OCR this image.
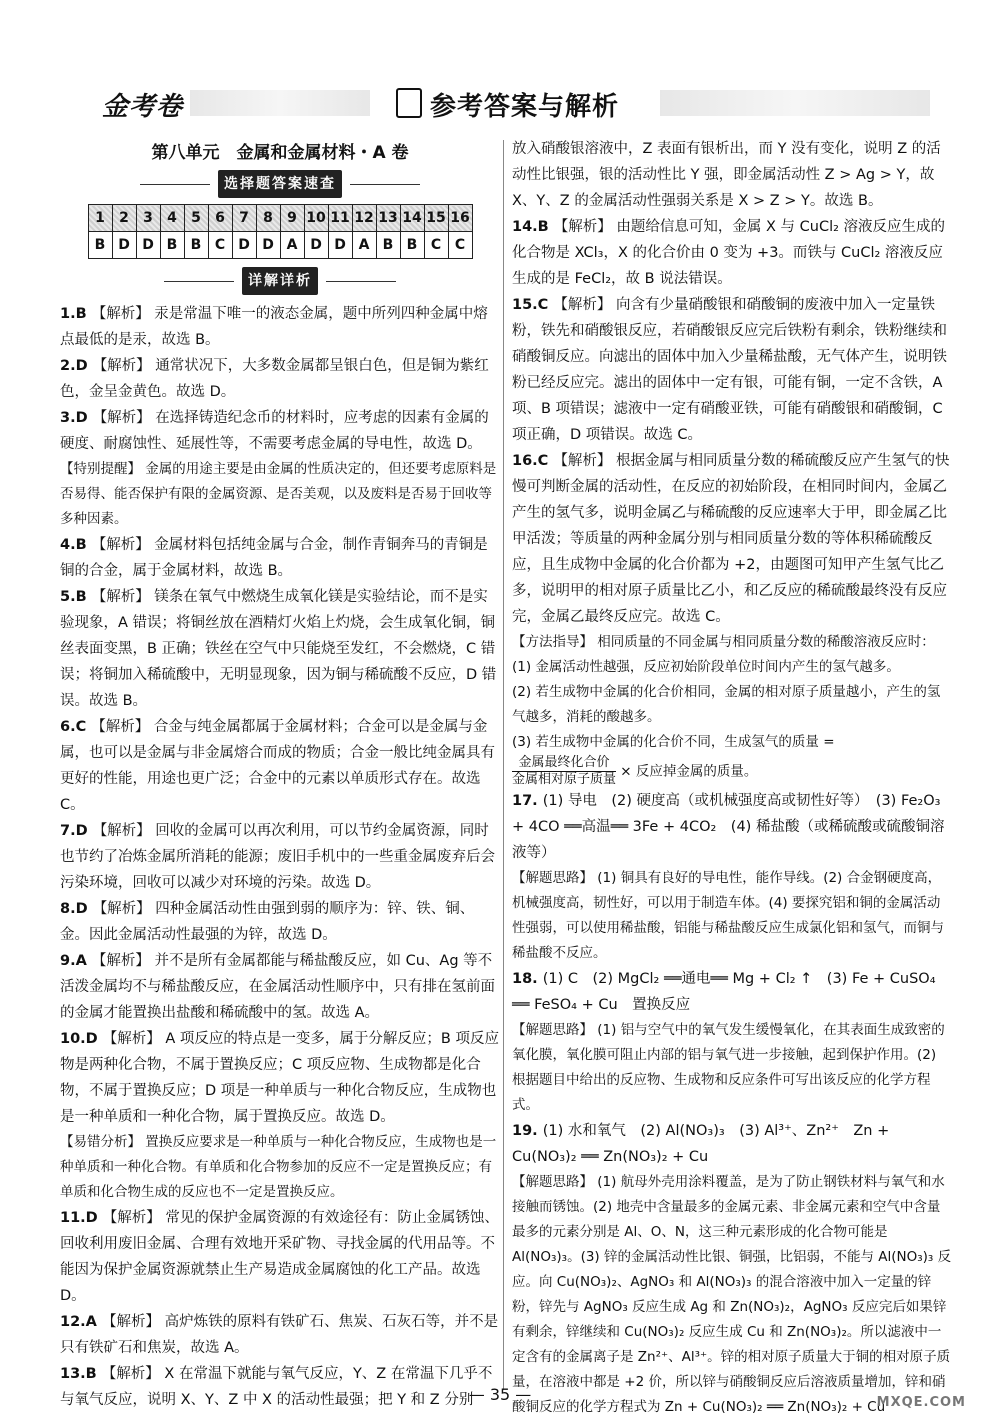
金考卷	参考答案与解析
第八单元　金属和金属材料・A 卷
选择题答案速查
1	2	3	4	5	6	7	8	9	10	11	12	13	14	15	16
B	D	D	B	B	C	D	D	A	D	D	A	B	B	C	C
详解详析
1.B 【解析】 汞是常温下唯一的液态金属，题中所列四种金属中熔点最低的是汞，故选 B。
2.D 【解析】 通常状况下，大多数金属都呈银白色，但是铜为紫红色，金呈金黄色。故选 D。
3.D 【解析】 在选择铸造纪念币的材料时，应考虑的因素有金属的硬度、耐腐蚀性、延展性等，不需要考虑金属的导电性，故选 D。
【特别提醒】 金属的用途主要是由金属的性质决定的，但还要考虑原料是否易得、能否保护有限的金属资源、是否美观，以及废料是否易于回收等多种因素。
4.B 【解析】 金属材料包括纯金属与合金，制作青铜奔马的青铜是铜的合金，属于金属材料，故选 B。
5.B 【解析】 镁条在氧气中燃烧生成氧化镁是实验结论，而不是实验现象，A 错误；将铜丝放在酒精灯火焰上灼烧，会生成氧化铜，铜丝表面变黑，B 正确；铁丝在空气中只能烧至发红，不会燃烧，C 错误；将铜加入稀硫酸中，无明显现象，因为铜与稀硫酸不反应，D 错误。故选 B。
6.C 【解析】 合金与纯金属都属于金属材料；合金可以是金属与金属，也可以是金属与非金属熔合而成的物质；合金一般比纯金属具有更好的性能，用途也更广泛；合金中的元素以单质形式存在。故选 C。
7.D 【解析】 回收的金属可以再次利用，可以节约金属资源，同时也节约了冶炼金属所消耗的能源；废旧手机中的一些重金属废弃后会污染环境，回收可以减少对环境的污染。故选 D。
8.D 【解析】 四种金属活动性由强到弱的顺序为：锌、铁、铜、金。因此金属活动性最强的为锌，故选 D。
9.A 【解析】 并不是所有金属都能与稀盐酸反应，如 Cu、Ag 等不活泼金属均不与稀盐酸反应，在金属活动性顺序中，只有排在氢前面的金属才能置换出盐酸和稀硫酸中的氢。故选 A。
10.D 【解析】 A 项反应的特点是一变多，属于分解反应；B 项反应物是两种化合物，不属于置换反应；C 项反应物、生成物都是化合物，不属于置换反应；D 项是一种单质与一种化合物反应，生成物也是一种单质和一种化合物，属于置换反应。故选 D。
【易错分析】 置换反应要求是一种单质与一种化合物反应，生成物也是一种单质和一种化合物。有单质和化合物参加的反应不一定是置换反应；有单质和化合物生成的反应也不一定是置换反应。
11.D 【解析】 常见的保护金属资源的有效途径有：防止金属锈蚀、回收利用废旧金属、合理有效地开采矿物、寻找金属的代用品等。不能因为保护金属资源就禁止生产易造成金属腐蚀的化工产品。故选 D。
12.A 【解析】 高炉炼铁的原料有铁矿石、焦炭、石灰石等，并不是只有铁矿石和焦炭，故选 A。
13.B 【解析】 X 在常温下就能与氧气反应，Y、Z 在常温下几乎不与氧气反应，说明 X、Y、Z 中 X 的活动性最强；把 Y 和 Z 分别
放入硝酸银溶液中，Z 表面有银析出，而 Y 没有变化，说明 Z 的活动性比银强，银的活动性比 Y 强，即金属活动性 Z > Ag > Y，故 X、Y、Z 的金属活动性强弱关系是 X > Z > Y。故选 B。
14.B 【解析】 由题给信息可知，金属 X 与 CuCl₂ 溶液反应生成的化合物是 XCl₃，X 的化合价由 0 变为 +3。而铁与 CuCl₂ 溶液反应生成的是 FeCl₂，故 B 说法错误。
15.C 【解析】 向含有少量硝酸银和硝酸铜的废液中加入一定量铁粉，铁先和硝酸银反应，若硝酸银反应完后铁粉有剩余，铁粉继续和硝酸铜反应。向滤出的固体中加入少量稀盐酸，无气体产生，说明铁粉已经反应完。滤出的固体中一定有银，可能有铜，一定不含铁，A 项、B 项错误；滤液中一定有硝酸亚铁，可能有硝酸银和硝酸铜，C 项正确，D 项错误。故选 C。
16.C 【解析】 根据金属与相同质量分数的稀硫酸反应产生氢气的快慢可判断金属的活动性，在反应的初始阶段，在相同时间内，金属乙产生的氢气多，说明金属乙与稀硫酸的反应速率大于甲，即金属乙比甲活泼；等质量的两种金属分别与相同质量分数的等体积稀硫酸反应，且生成物中金属的化合价都为 +2，由题图可知甲产生氢气比乙多，说明甲的相对原子质量比乙小，和乙反应的稀硫酸最终没有反应完，金属乙最终反应完。故选 C。
【方法指导】 相同质量的不同金属与相同质量分数的稀酸溶液反应时：
(1) 金属活动性越强，反应初始阶段单位时间内产生的氢气越多。
(2) 若生成物中金属的化合价相同，金属的相对原子质量越小，产生的氢气越多，消耗的酸越多。
(3) 若生成物中金属的化合价不同，生成氢气的质量 =
$\frac{\text{金属最终化合价}}{\text{金属相对原子质量}}$ × 反应掉金属的质量。
17. (1) 导电　(2) 硬度高（或机械强度高或韧性好等）　(3) Fe₂O₃ + 4CO ══高温══ 3Fe + 4CO₂　(4) 稀盐酸（或稀硫酸或硫酸铜溶液等）
【解题思路】 (1) 铜具有良好的导电性，能作导线。(2) 合金钢硬度高，机械强度高，韧性好，可以用于制造车体。(4) 要探究铝和铜的金属活动性强弱，可以使用稀盐酸，铝能与稀盐酸反应生成氯化铝和氢气，而铜与稀盐酸不反应。
18. (1) C　(2) MgCl₂ ══通电══ Mg + Cl₂ ↑　(3) Fe + CuSO₄ ══ FeSO₄ + Cu　置换反应
【解题思路】 (1) 铝与空气中的氧气发生缓慢氧化，在其表面生成致密的氧化膜，氧化膜可阻止内部的铝与氧气进一步接触，起到保护作用。(2) 根据题目中给出的反应物、生成物和反应条件可写出该反应的化学方程式。
19. (1) 水和氧气　(2) Al(NO₃)₃　(3) Al³⁺、Zn²⁺　Zn + Cu(NO₃)₂ ══ Zn(NO₃)₂ + Cu
【解题思路】 (1) 航母外壳用涂料覆盖，是为了防止钢铁材料与氧气和水接触而锈蚀。(2) 地壳中含量最多的金属元素、非金属元素和空气中含量最多的元素分别是 Al、O、N，这三种元素形成的化合物可能是 Al(NO₃)₃。(3) 锌的金属活动性比银、铜强，比铝弱，不能与 Al(NO₃)₃ 反应。向 Cu(NO₃)₂、AgNO₃ 和 Al(NO₃)₃ 的混合溶液中加入一定量的锌粉，锌先与 AgNO₃ 反应生成 Ag 和 Zn(NO₃)₂，AgNO₃ 反应完后如果锌有剩余，锌继续和 Cu(NO₃)₂ 反应生成 Cu 和 Zn(NO₃)₂。所以滤液中一定含有的金属离子是 Zn²⁺、Al³⁺。锌的相对原子质量大于铜的相对原子质量，在溶液中都是 +2 价，所以锌与硝酸铜反应后溶液质量增加，锌和硝酸铜反应的化学方程式为 Zn + Cu(NO₃)₂ ══ Zn(NO₃)₂ + Cu
— 35 —	MXQE.COM
